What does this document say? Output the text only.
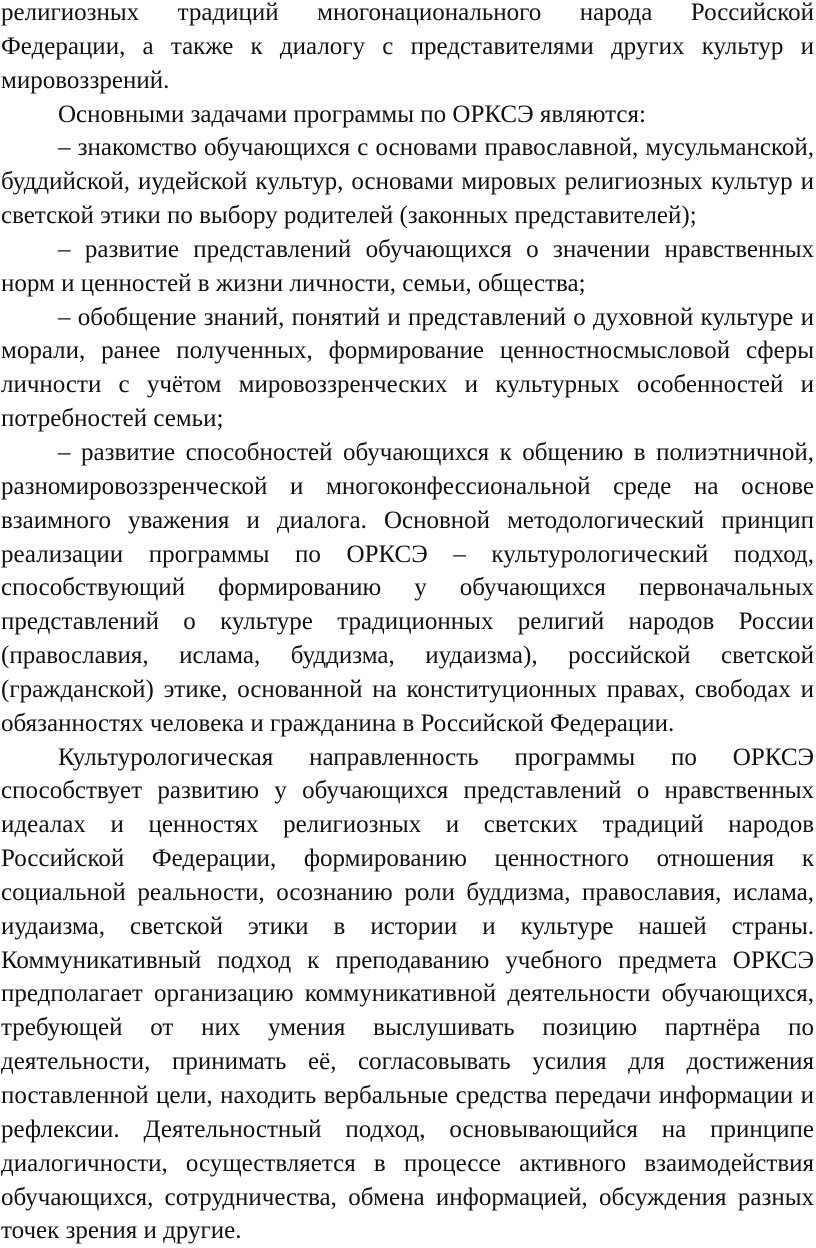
религиозных традиций многонационального народа Российской Федерации, а также к диалогу с представителями других культур и мировоззрений.

Основными задачами программы по ОРКСЭ являются:

– знакомство обучающихся с основами православной, мусульманской, буддийской, иудейской культур, основами мировых религиозных культур и светской этики по выбору родителей (законных представителей);

– развитие представлений обучающихся о значении нравственных норм и ценностей в жизни личности, семьи, общества;

– обобщение знаний, понятий и представлений о духовной культуре и морали, ранее полученных, формирование ценностносмысловой сферы личности с учётом мировоззренческих и культурных особенностей и потребностей семьи;

– развитие способностей обучающихся к общению в полиэтничной, разномировоззренческой и многоконфессиональной среде на основе взаимного уважения и диалога. Основной методологический принцип реализации программы по ОРКСЭ – культурологический подход, способствующий формированию у обучающихся первоначальных представлений о культуре традиционных религий народов России (православия, ислама, буддизма, иудаизма), российской светской (гражданской) этике, основанной на конституционных правах, свободах и обязанностях человека и гражданина в Российской Федерации.

Культурологическая направленность программы по ОРКСЭ способствует развитию у обучающихся представлений о нравственных идеалах и ценностях религиозных и светских традиций народов Российской Федерации, формированию ценностного отношения к социальной реальности, осознанию роли буддизма, православия, ислама, иудаизма, светской этики в истории и культуре нашей страны. Коммуникативный подход к преподаванию учебного предмета ОРКСЭ предполагает организацию коммуникативной деятельности обучающихся, требующей от них умения выслушивать позицию партнёра по деятельности, принимать её, согласовывать усилия для достижения поставленной цели, находить вербальные средства передачи информации и рефлексии. Деятельностный подход, основывающийся на принципе диалогичности, осуществляется в процессе активного взаимодействия обучающихся, сотрудничества, обмена информацией, обсуждения разных точек зрения и другие.
